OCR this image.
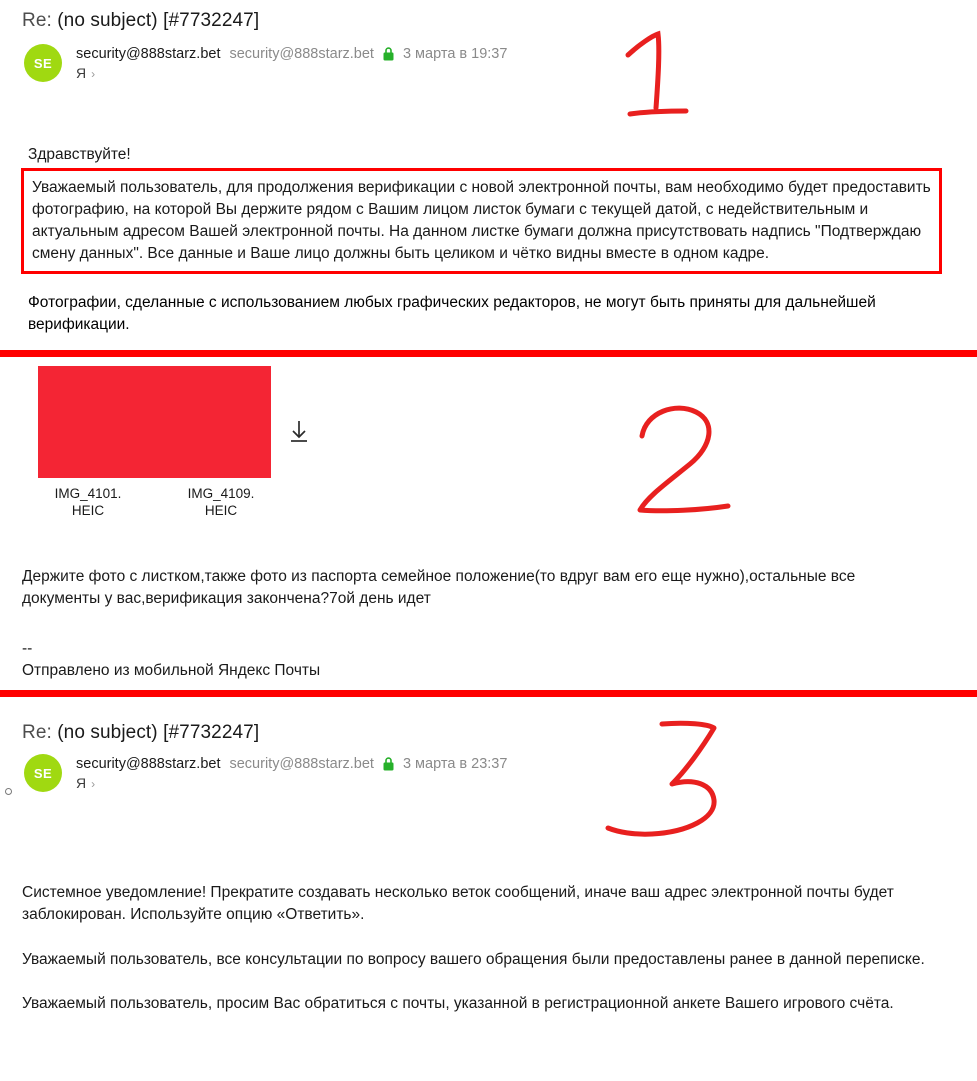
Re: (no subject) [#7732247]
SE
security@888starz.bet security@888starz.bet 3 марта в 19:37
Я ›
Здравствуйте!

Уважаемый пользователь, для продолжения верификации с новой электронной почты, вам необходимо будет предоставить фотографию, на которой Вы держите рядом с Вашим лицом листок бумаги с текущей датой, с недействительным и актуальным адресом Вашей электронной почты. На данном листке бумаги должна присутствовать надпись "Подтверждаю смену данных". Все данные и Ваше лицо должны быть целиком и чётко видны вместе в одном кадре.

Фотографии, сделанные с использованием любых графических редакторов, не могут быть приняты для дальнейшей верификации.

IMG_4101.
HEIC
IMG_4109.
HEIC
Держите фото с листком,также фото из паспорта семейное положение(то вдруг вам его еще нужно),остальные все документы у вас,верификация закончена?7ой день идет
--
Отправлено из мобильной Яндекс Почты
Re: (no subject) [#7732247]
SE
security@888starz.bet security@888starz.bet 3 марта в 23:37
Я ›

Системное уведомление! Прекратите создавать несколько веток сообщений, иначе ваш адрес электронной почты будет заблокирован. Используйте опцию «Ответить».

Уважаемый пользователь, все консультации по вопросу вашего обращения были предоставлены ранее в данной переписке.

Уважаемый пользователь, просим Вас обратиться с почты, указанной в регистрационной анкете Вашего игрового счёта.
